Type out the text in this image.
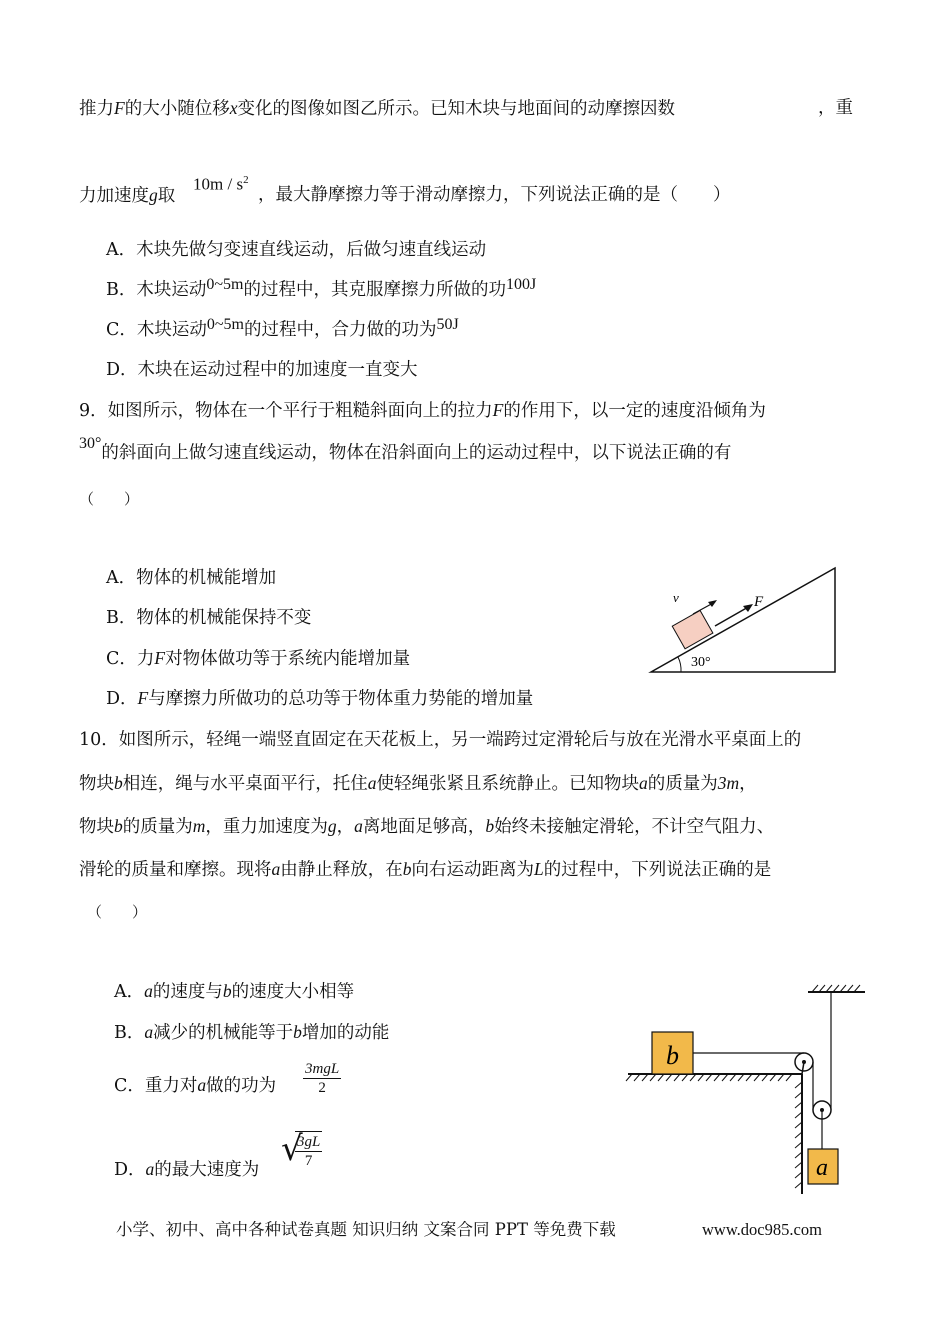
推力F的大小随位移x变化的图像如图乙所示。已知木块与地面间的动摩擦因数	，重
力加速度g取
$10m / s^2$
，最大静摩擦力等于滑动摩擦力，下列说法正确的是（　　）
A．木块先做匀变速直线运动，后做匀速直线运动
B．木块运动0~5m的过程中，其克服摩擦力所做的功100J
C．木块运动0~5m的过程中，合力做的功为50J
D．木块在运动过程中的加速度一直变大
9．如图所示，物体在一个平行于粗糙斜面向上的拉力F的作用下，以一定的速度沿倾角为
30°的斜面向上做匀速直线运动，物体在沿斜面向上的运动过程中，以下说法正确的有
（　　）
A．物体的机械能增加
B．物体的机械能保持不变
C．力F对物体做功等于系统内能增加量
D．F与摩擦力所做功的总功等于物体重力势能的增加量
30°
F
v
10．如图所示，轻绳一端竖直固定在天花板上，另一端跨过定滑轮后与放在光滑水平桌面上的
物块b相连，绳与水平桌面平行，托住a使轻绳张紧且系统静止。已知物块a的质量为3m，
物块b的质量为m，重力加速度为g，a离地面足够高，b始终未接触定滑轮，不计空气阻力、
滑轮的质量和摩擦。现将a由静止释放，在b向右运动距离为L的过程中，下列说法正确的是
（　　）
A．a的速度与b的速度大小相等
B．a减少的机械能等于b增加的动能
C．重力对a做的功为
3mgL
2
D．a的最大速度为
√
$\frac{3gL}{7}$
b
a
小学、初中、高中各种试卷真题 知识归纳 文案合同 PPT 等免费下载	www.doc985.com
